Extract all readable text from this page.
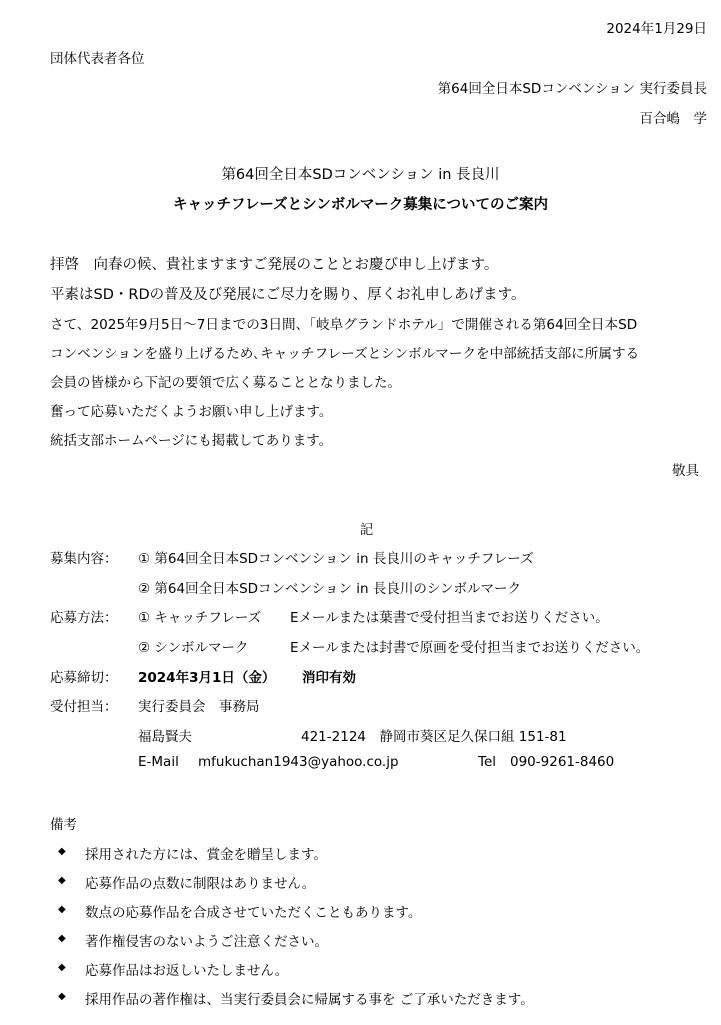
2024年1月29日
団体代表者各位
第64回全日本SDコンベンション 実行委員長
百合嶋　学
第64回全日本SDコンベンション in 長良川
キャッチフレーズとシンボルマーク募集についてのご案内
拝啓　向春の候、貴社ますますご発展のこととお慶び申し上げます。
平素はSD・RDの普及及び発展にご尽力を賜り、厚くお礼申しあげます。
さて、2025年9月5日～7日までの3日間、「岐阜グランドホテル」で開催される第64回全日本SD
コンベンションを盛り上げるため､キャッチフレーズとシンボルマークを中部統括支部に所属する
会員の皆様から下記の要領で広く募ることとなりました。
奮って応募いただくようお願い申し上げます。
統括支部ホームページにも掲載してあります。
敬具
記
募集内容： ① 第64回全日本SDコンベンション in 長良川のキャッチフレーズ
② 第64回全日本SDコンベンション in 長良川のシンボルマーク
応募方法： ① キャッチフレーズ Eメールまたは葉書で受付担当までお送りください。
② シンボルマーク	Eメールまたは封書で原画を受付担当までお送りください。
応募締切： 2024年3月1日（金） 消印有効
受付担当： 実行委員会　事務局
福島賢夫	421-2124　静岡市葵区足久保口組 151-81
E-Mail mfukuchan1943@yahoo.co.jp	Tel 090-9261-8460
備考
◆ 採用された方には、賞金を贈呈します。
◆ 応募作品の点数に制限はありません。
◆ 数点の応募作品を合成させていただくこともあります。
◆ 著作権侵害のないようご注意ください。
◆ 応募作品はお返しいたしません。
◆ 採用作品の著作権は、当実行委員会に帰属する事を ご了承いただきます。
